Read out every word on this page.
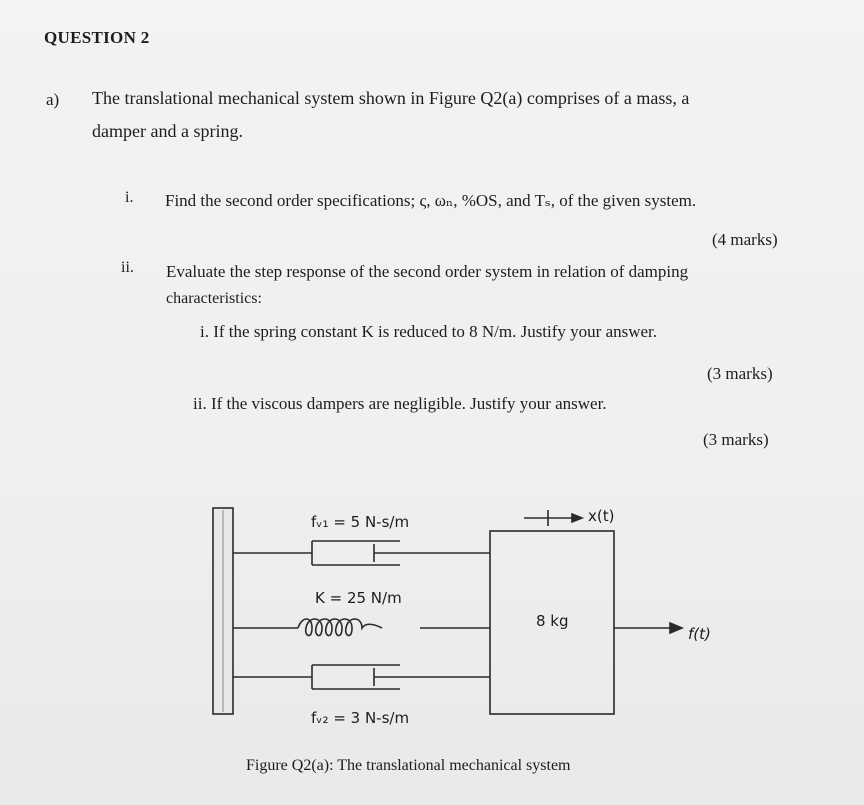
QUESTION 2
a) The translational mechanical system shown in Figure Q2(a) comprises of a mass, a
damper and a spring.
i. Find the second order specifications; ς, ωₙ, %OS, and Tₛ, of the given system.
(4 marks)
ii. Evaluate the step response of the second order system in relation of damping
characteristics:
i. If the spring constant K is reduced to 8 N/m. Justify your answer.
(3 marks)
ii. If the viscous dampers are negligible. Justify your answer.
(3 marks)
fᵥ₁ = 5 N-s/m
K = 25 N/m
fᵥ₂ = 3 N-s/m
8 kg
x(t)
f(t)
Figure Q2(a): The translational mechanical system
